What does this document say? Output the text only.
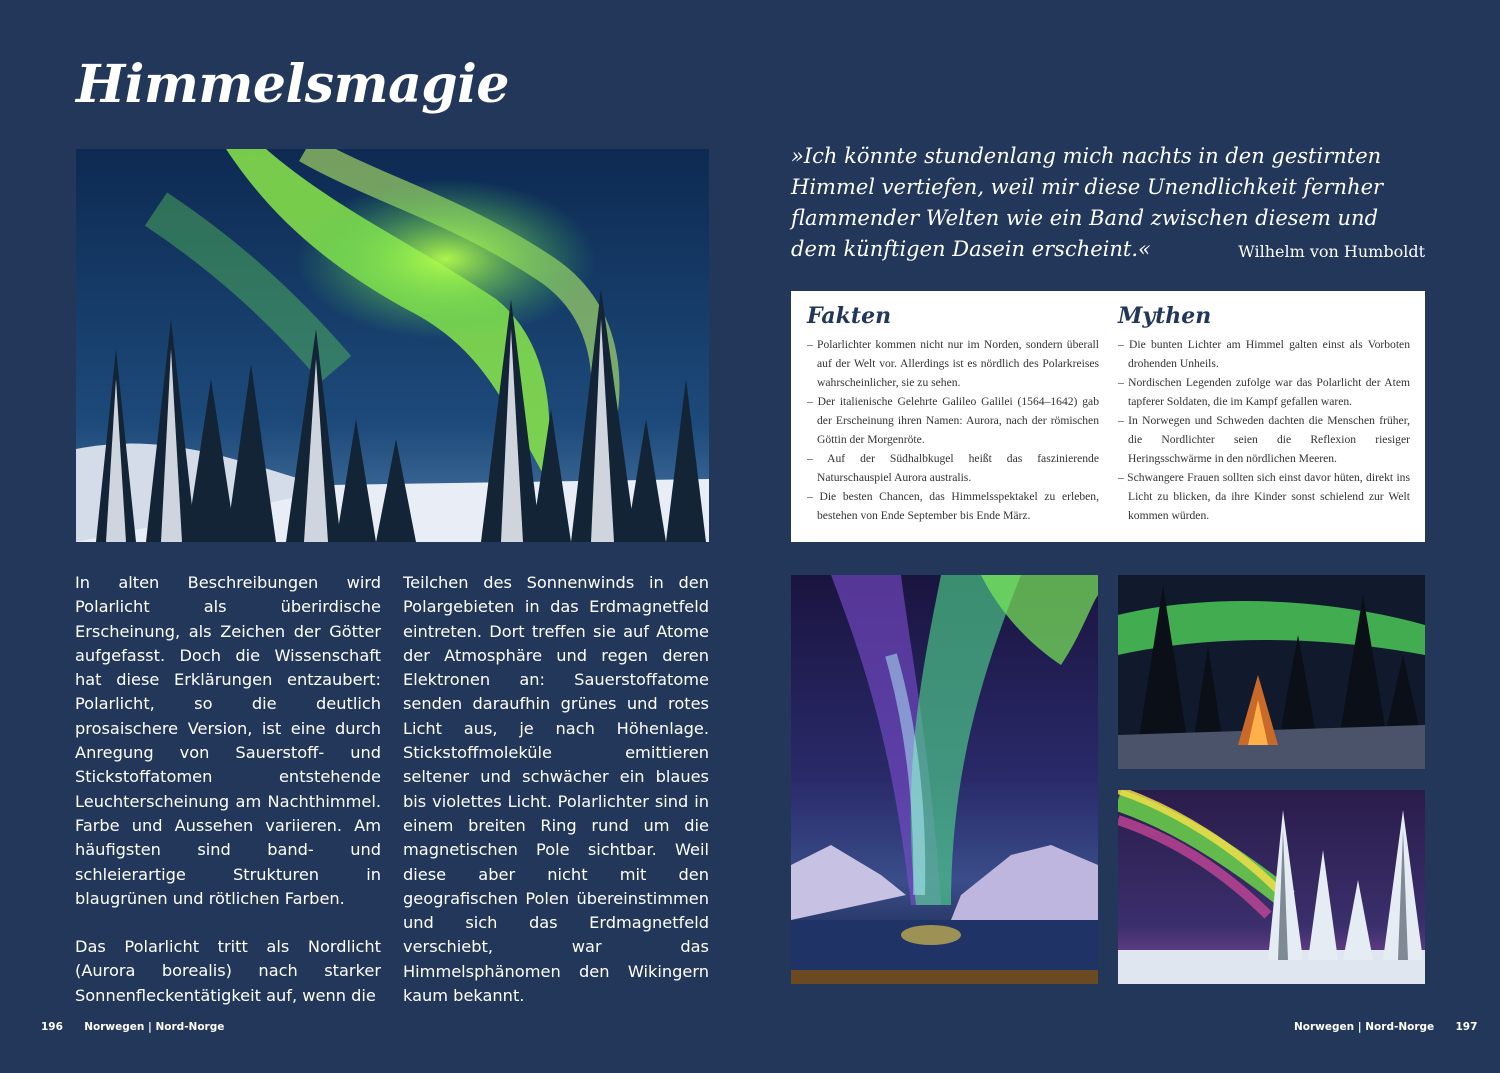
Himmelsmagie

In alten Beschreibungen wird Polarlicht als überirdische Erscheinung, als Zeichen der Götter aufgefasst. Doch die Wissenschaft hat diese Erklärungen entzaubert: Polarlicht, so die deutlich prosaischere Version, ist eine durch Anregung von Sauerstoff- und Stickstoffatomen entstehende Leuchterscheinung am Nachthimmel. Farbe und Aussehen variieren. Am häufigsten sind band- und schleierartige Strukturen in blaugrünen und rötlichen Farben.

Das Polarlicht tritt als Nordlicht (Aurora borealis) nach starker Sonnenfleckentätigkeit auf, wenn die

Teilchen des Sonnenwinds in den Polargebieten in das Erdmagnetfeld eintreten. Dort treffen sie auf Atome der Atmosphäre und regen deren Elektronen an: Sauerstoffatome senden daraufhin grünes und rotes Licht aus, je nach Höhenlage. Stickstoffmoleküle emittieren seltener und schwächer ein blaues bis violettes Licht. Polarlichter sind in einem breiten Ring rund um die magnetischen Pole sichtbar. Weil diese aber nicht mit den geografischen Polen übereinstimmen und sich das Erdmagnetfeld verschiebt, war das Himmelsphänomen den Wikingern kaum bekannt.

196 Norwegen | Nord-Norge
»Ich könnte stundenlang mich nachts in den gestirnten Himmel vertiefen, weil mir diese Unendlichkeit fernher flammender Welten wie ein Band zwischen diesem und dem künftigen Dasein erscheint.«	Wilhelm von Humboldt
Fakten
– Polarlichter kommen nicht nur im Norden, sondern überall auf der Welt vor. Allerdings ist es nördlich des Polarkreises wahrscheinlicher, sie zu sehen.
– Der italienische Gelehrte Galileo Galilei (1564–1642) gab der Erscheinung ihren Namen: Aurora, nach der römischen Göttin der Morgenröte.
– Auf der Südhalbkugel heißt das faszinierende Naturschauspiel Aurora australis.
– Die besten Chancen, das Himmelsspektakel zu erleben, bestehen von Ende September bis Ende März.
Mythen
– Die bunten Lichter am Himmel galten einst als Vorboten drohenden Unheils.
– Nordischen Legenden zufolge war das Polarlicht der Atem tapferer Soldaten, die im Kampf gefallen waren.
– In Norwegen und Schweden dachten die Menschen früher, die Nordlichter seien die Reflexion riesiger Heringsschwärme in den nördlichen Meeren.
– Schwangere Frauen sollten sich einst davor hüten, direkt ins Licht zu blicken, da ihre Kinder sonst schielend zur Welt kommen würden.
Norwegen | Nord-Norge 197
